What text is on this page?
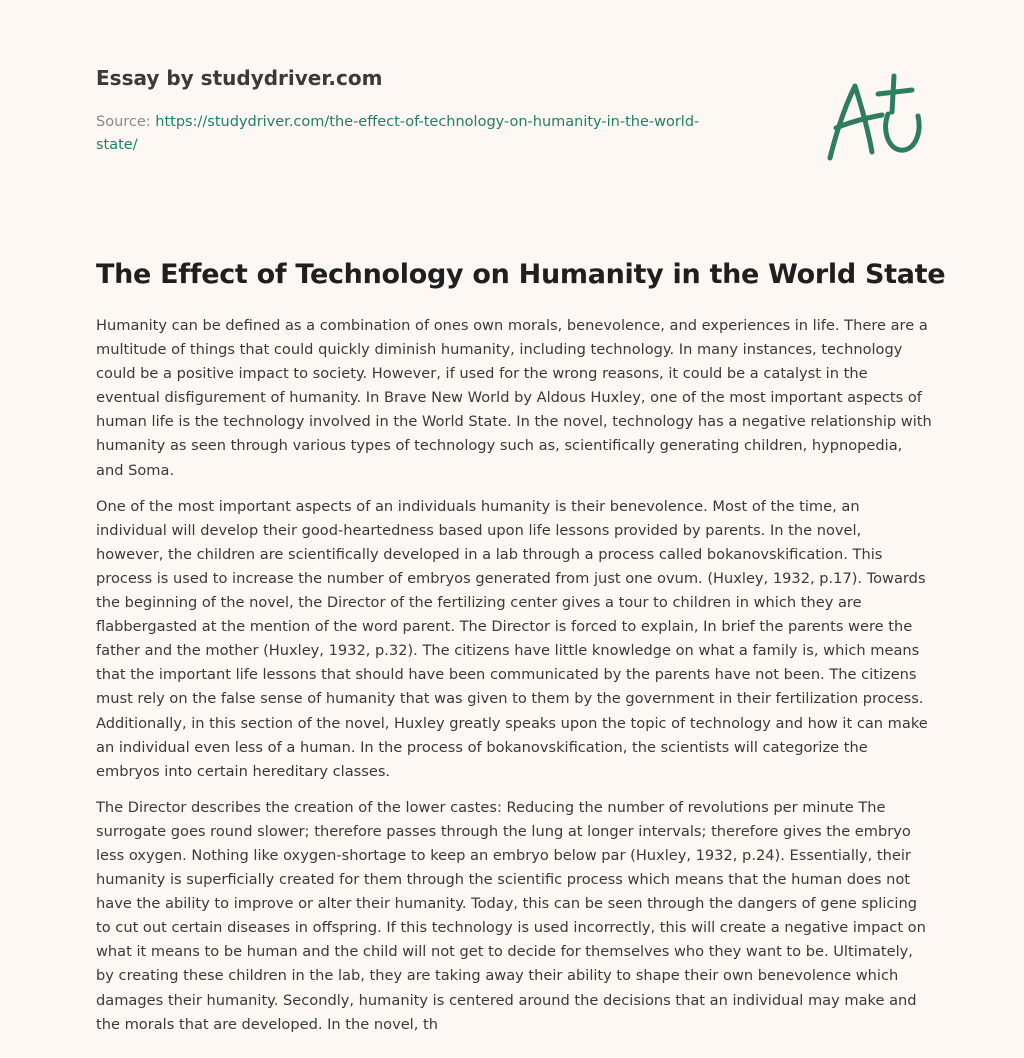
Essay by studydriver.com
Source: https://studydriver.com/the-effect-of-technology-on-humanity-in-the-world-state/
The Effect of Technology on Humanity in the World State

Humanity can be defined as a combination of ones own morals, benevolence, and experiences in life. There are a multitude of things that could quickly diminish humanity, including technology. In many instances, technology could be a positive impact to society. However, if used for the wrong reasons, it could be a catalyst in the eventual disfigurement of humanity. In Brave New World by Aldous Huxley, one of the most important aspects of human life is the technology involved in the World State. In the novel, technology has a negative relationship with humanity as seen through various types of technology such as, scientifically generating children, hypnopedia, and Soma.

One of the most important aspects of an individuals humanity is their benevolence. Most of the time, an individual will develop their good-heartedness based upon life lessons provided by parents. In the novel, however, the children are scientifically developed in a lab through a process called bokanovskification. This process is used to increase the number of embryos generated from just one ovum. (Huxley, 1932, p.17). Towards the beginning of the novel, the Director of the fertilizing center gives a tour to children in which they are flabbergasted at the mention of the word parent. The Director is forced to explain, In brief the parents were the father and the mother (Huxley, 1932, p.32). The citizens have little knowledge on what a family is, which means that the important life lessons that should have been communicated by the parents have not been. The citizens must rely on the false sense of humanity that was given to them by the government in their fertilization process. Additionally, in this section of the novel, Huxley greatly speaks upon the topic of technology and how it can make an individual even less of a human. In the process of bokanovskification, the scientists will categorize the embryos into certain hereditary classes.

The Director describes the creation of the lower castes: Reducing the number of revolutions per minute The surrogate goes round slower; therefore passes through the lung at longer intervals; therefore gives the embryo less oxygen. Nothing like oxygen-shortage to keep an embryo below par (Huxley, 1932, p.24). Essentially, their humanity is superficially created for them through the scientific process which means that the human does not have the ability to improve or alter their humanity. Today, this can be seen through the dangers of gene splicing to cut out certain diseases in offspring. If this technology is used incorrectly, this will create a negative impact on what it means to be human and the child will not get to decide for themselves who they want to be. Ultimately, by creating these children in the lab, they are taking away their ability to shape their own benevolence which damages their humanity. Secondly, humanity is centered around the decisions that an individual may make and the morals that are developed. In the novel, th
